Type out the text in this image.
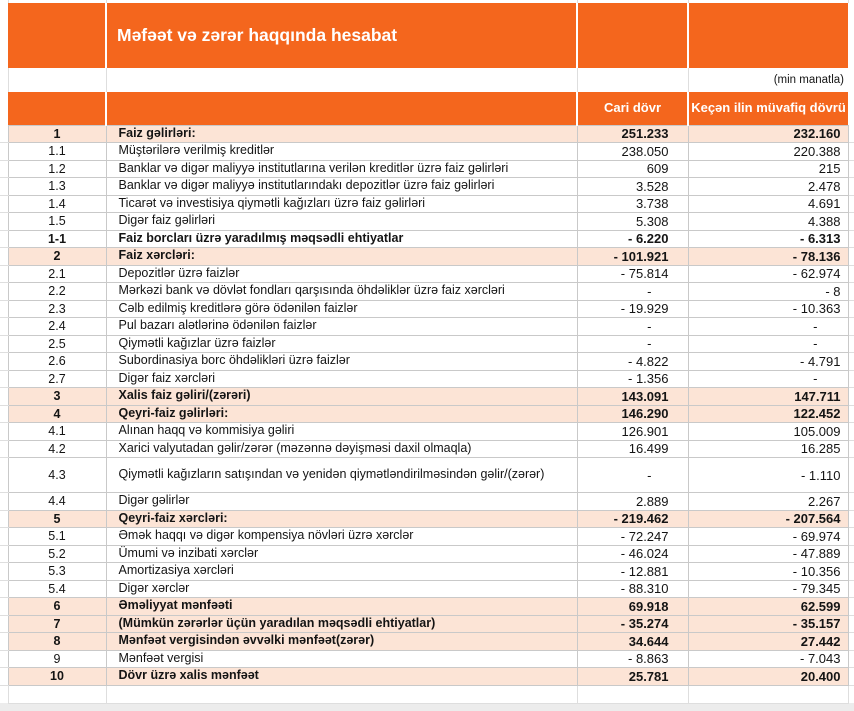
		Məfəət və zərər haqqında hesabat			
				(min manatla)	
			Cari dövr	Keçən ilin müvafiq dövrü	
	1	Faiz gəlirləri:	251.233	232.160	
	1.1	Müştərilərə verilmiş kreditlər	238.050	220.388	
	1.2	Banklar və digər maliyyə institutlarına verilən kreditlər üzrə faiz gəlirləri	609	215	
	1.3	Banklar və digər maliyyə institutlarındakı depozitlər üzrə faiz gəlirləri	3.528	2.478	
	1.4	Ticarət və investisiya qiymətli kağızları üzrə faiz gəlirləri	3.738	4.691	
	1.5	Digər faiz gəlirləri	5.308	4.388	
	1-1	Faiz borcları üzrə yaradılmış məqsədli ehtiyatlar	- 6.220	- 6.313	
	2	Faiz xərcləri:	- 101.921	- 78.136	
	2.1	Depozitlər üzrə faizlər	- 75.814	- 62.974	
	2.2	Mərkəzi bank və dövlət fondları qarşısında öhdəliklər üzrə faiz xərcləri	-	- 8	
	2.3	Cəlb edilmiş kreditlərə görə ödənilən faizlər	- 19.929	- 10.363	
	2.4	Pul bazarı alətlərinə ödənilən faizlər	-	-	
	2.5	Qiymətli kağızlar üzrə faizlər	-	-	
	2.6	Subordinasiya borc öhdəlikləri üzrə faizlər	- 4.822	- 4.791	
	2.7	Digər faiz xərcləri	- 1.356	-	
	3	Xalis faiz gəliri/(zərəri)	143.091	147.711	
	4	Qeyri-faiz gəlirləri:	146.290	122.452	
	4.1	Alınan haqq və kommisiya gəliri	126.901	105.009	
	4.2	Xarici valyutadan gəlir/zərər (məzənnə dəyişməsi daxil olmaqla)	16.499	16.285	
	4.3	Qiymətli kağızların satışından və yenidən qiymətləndirilməsindən gəlir/(zərər)	-	- 1.110	
	4.4	Digər gəlirlər	2.889	2.267	
	5	Qeyri-faiz xərcləri:	- 219.462	- 207.564	
	5.1	Əmək haqqı və digər kompensiya növləri üzrə xərclər	- 72.247	- 69.974	
	5.2	Ümumi və inzibati xərclər	- 46.024	- 47.889	
	5.3	Amortizasiya xərcləri	- 12.881	- 10.356	
	5.4	Digər xərclər	- 88.310	- 79.345	
	6	Əməliyyat mənfəəti	69.918	62.599	
	7	(Mümkün zərərlər üçün yaradılan məqsədli ehtiyatlar)	- 35.274	- 35.157	
	8	Mənfəət vergisindən əvvəlki mənfəət(zərər)	34.644	27.442	
	9	Mənfəət vergisi	- 8.863	- 7.043	
	10	Dövr üzrə xalis mənfəət	25.781	20.400	
